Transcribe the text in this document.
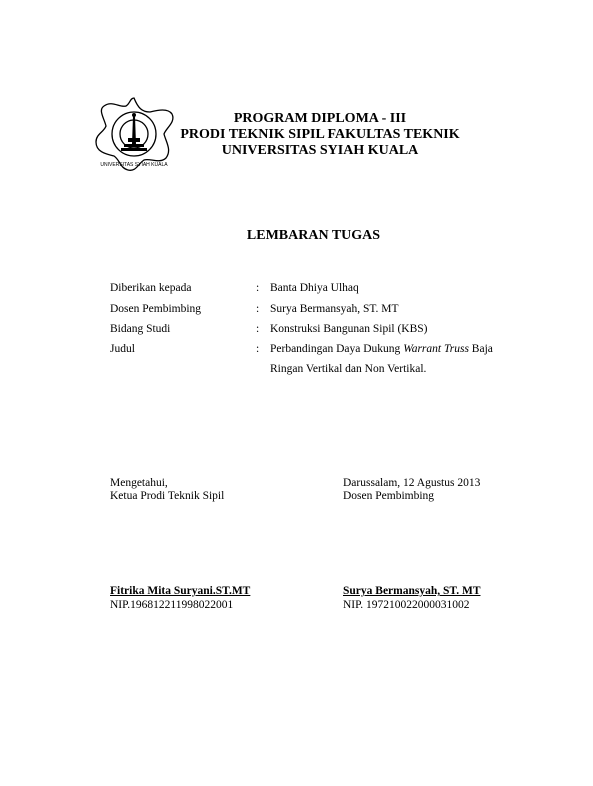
UNIVERSITAS SYIAH KUALA
PROGRAM DIPLOMA - III
PRODI TEKNIK SIPIL FAKULTAS TEKNIK
UNIVERSITAS SYIAH KUALA
LEMBARAN TUGAS
Diberikan kepada	: Banta Dhiya Ulhaq
Dosen Pembimbing	: Surya Bermansyah, ST. MT
Bidang Studi	: Konstruksi Bangunan Sipil (KBS)
Judul	: Perbandingan Daya Dukung Warrant Truss Baja
Ringan Vertikal dan Non Vertikal.
Mengetahui,
Ketua Prodi Teknik Sipil
Darussalam, 12 Agustus 2013
Dosen Pembimbing
Fitrika Mita Suryani.ST.MT
NIP.196812211998022001
Surya Bermansyah, ST. MT
NIP. 197210022000031002
